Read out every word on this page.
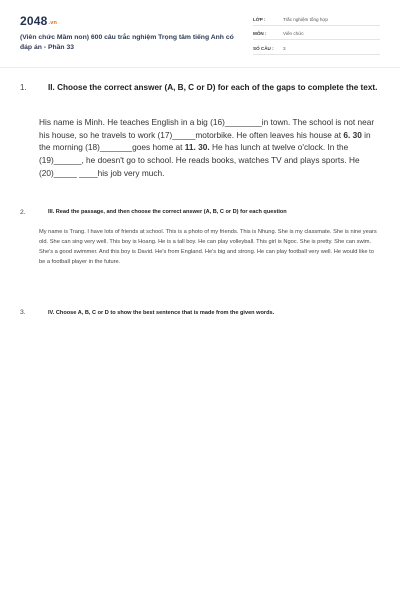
2048.vn
(Viên chức Mầm non) 600 câu trắc nghiệm Trọng tâm tiếng Anh có đáp án - Phần 33
LỚP :	Trắc nghiệm tổng hợp
MÔN :	Viên chức
SỐ CÂU : 3
1.	II. Choose the correct answer (A, B, C or D) for each of the gaps to complete the text.
His name is Minh. He teaches English in a big (16)________in town. The school is not near his house, so he travels to work (17)_____motorbike. He often leaves his house at 6. 30 in the morning (18)_______goes home at 11. 30. He has lunch at twelve o'clock. In the (19)______, he doesn't go to school. He reads books, watches TV and plays sports. He (20)_____ ____his job very much.
2.	III. Read the passage, and then choose the correct answer (A, B, C or D) for each question
My name is Trang. I have lots of friends at school. This is a photo of my friends. This is Nhung. She is my classmate. She is nine years old. She can sing very well. This boy is Hoang. He is a tall boy. He can play volleyball. This girl is Ngoc. She is pretty. She can swim. She's a good swimmer. And this boy is David. He's from England. He's big and strong. He can play football very well. He would like to be a football player in the future.
3.	IV. Choose A, B, C or D to show the best sentence that is made from the given words.
